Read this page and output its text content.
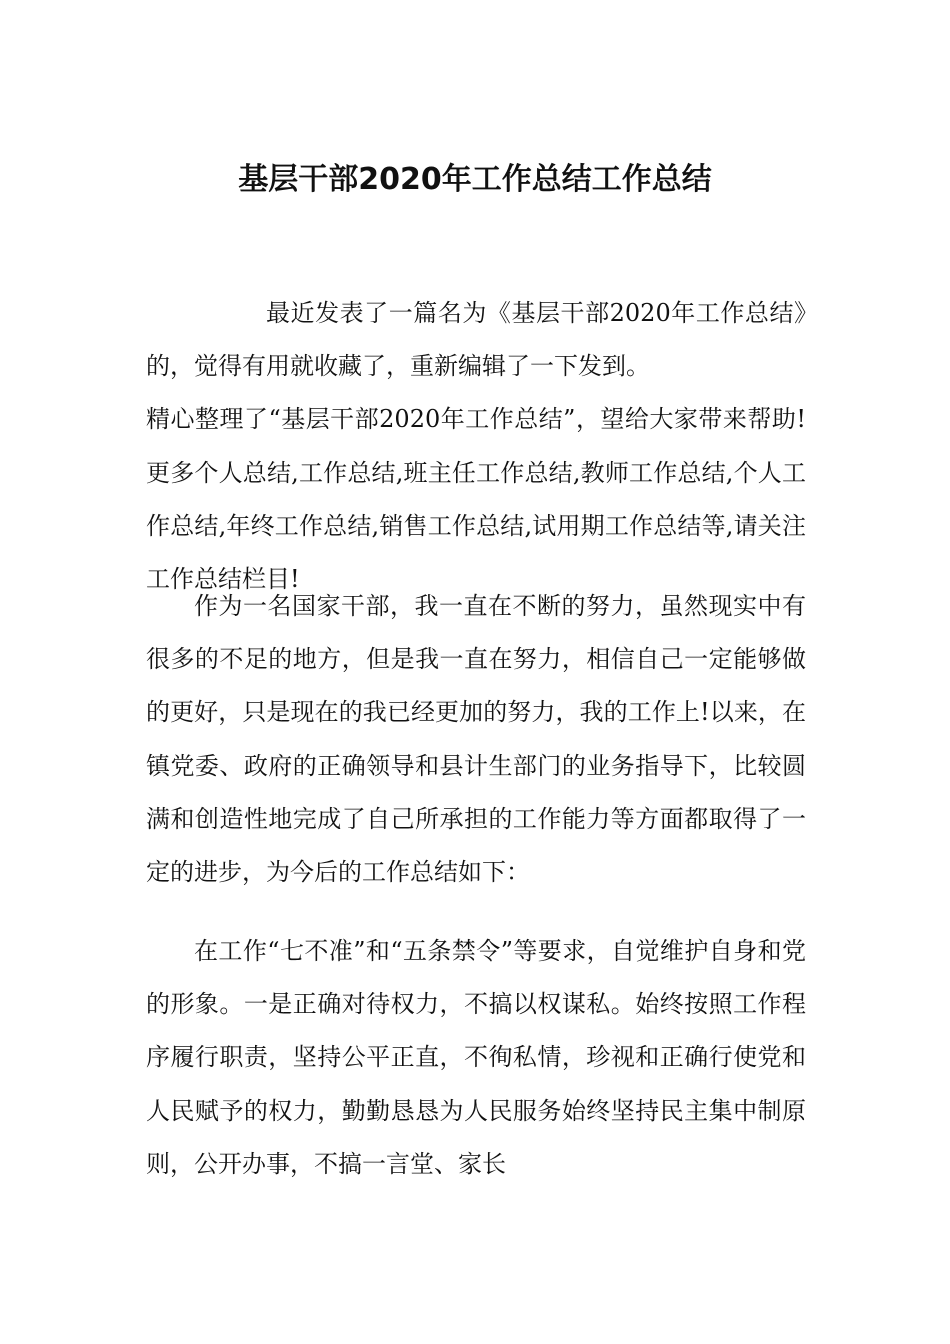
基层干部2020年工作总结工作总结

最近发表了一篇名为《基层干部2020年工作总结》的，觉得有用就收藏了，重新编辑了一下发到。

精心整理了“基层干部2020年工作总结”，望给大家带来帮助!更多个人总结,工作总结,班主任工作总结,教师工作总结,个人工作总结,年终工作总结,销售工作总结,试用期工作总结等,请关注工作总结栏目!

作为一名国家干部，我一直在不断的努力，虽然现实中有很多的不足的地方，但是我一直在努力，相信自己一定能够做的更好，只是现在的我已经更加的努力，我的工作上!以来，在镇党委、政府的正确领导和县计生部门的业务指导下，比较圆满和创造性地完成了自己所承担的工作能力等方面都取得了一定的进步，为今后的工作总结如下：

在工作“七不准”和“五条禁令”等要求，自觉维护自身和党的形象。一是正确对待权力，不搞以权谋私。始终按照工作程序履行职责，坚持公平正直，不徇私情，珍视和正确行使党和人民赋予的权力，勤勤恳恳为人民服务始终坚持民主集中制原则，公开办事，不搞一言堂、家长
